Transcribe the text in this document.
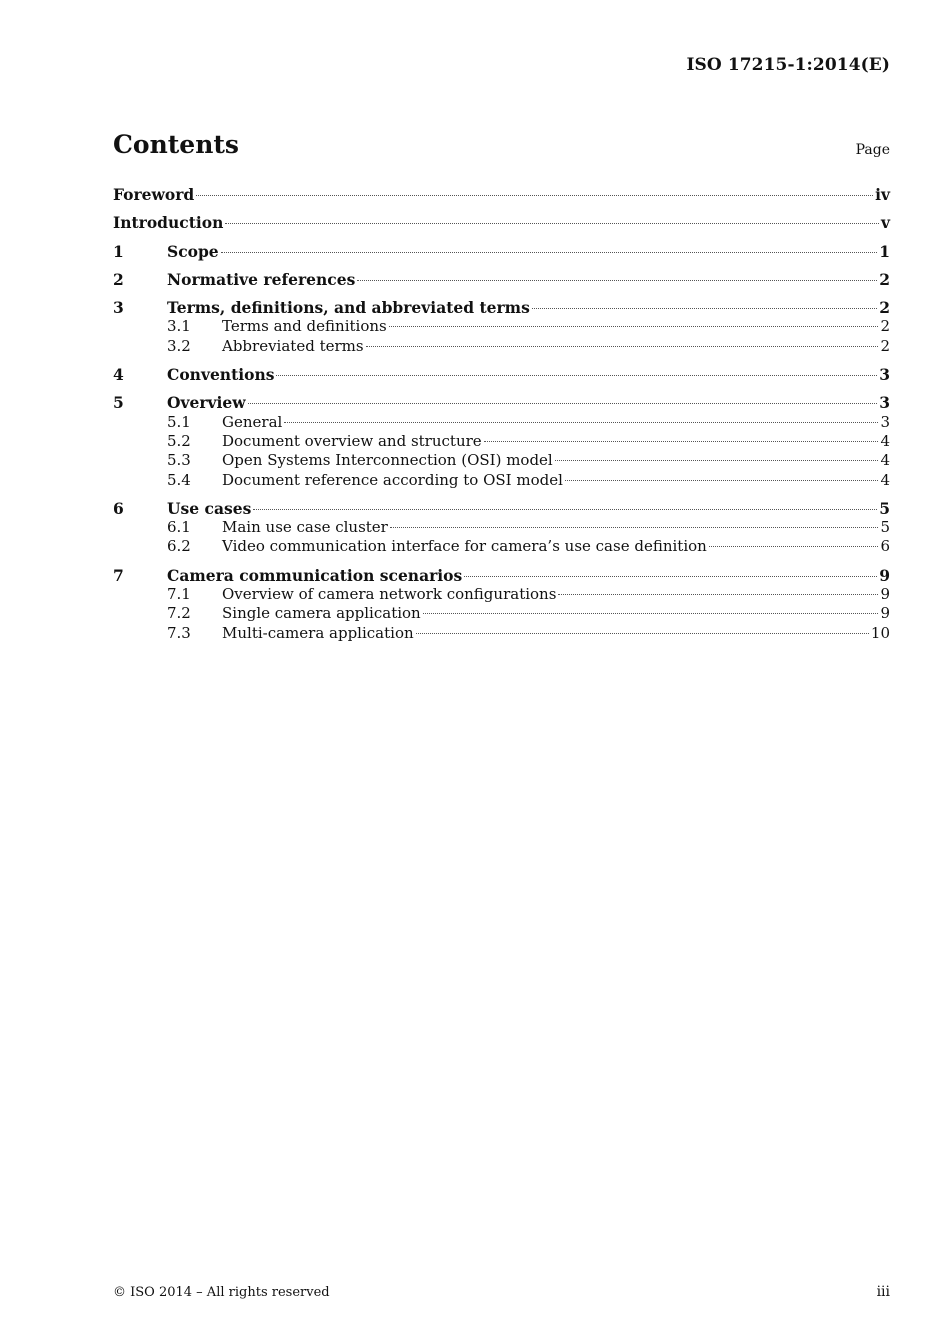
ISO 17215-1:2014(E)
Contents	Page
Foreword	iv
Introduction	v
1	Scope	1
2	Normative references	2
3	Terms, definitions, and abbreviated terms	2
3.1	Terms and definitions	2
3.2	Abbreviated terms	2
4	Conventions	3
5	Overview	3
5.1	General	3
5.2	Document overview and structure	4
5.3	Open Systems Interconnection (OSI) model	4
5.4	Document reference according to OSI model	4
6	Use cases	5
6.1	Main use case cluster	5
6.2	Video communication interface for camera’s use case definition	6
7	Camera communication scenarios	9
7.1	Overview of camera network configurations	9
7.2	Single camera application	9
7.3	Multi-camera application	10
© ISO 2014 – All rights reserved	iii
